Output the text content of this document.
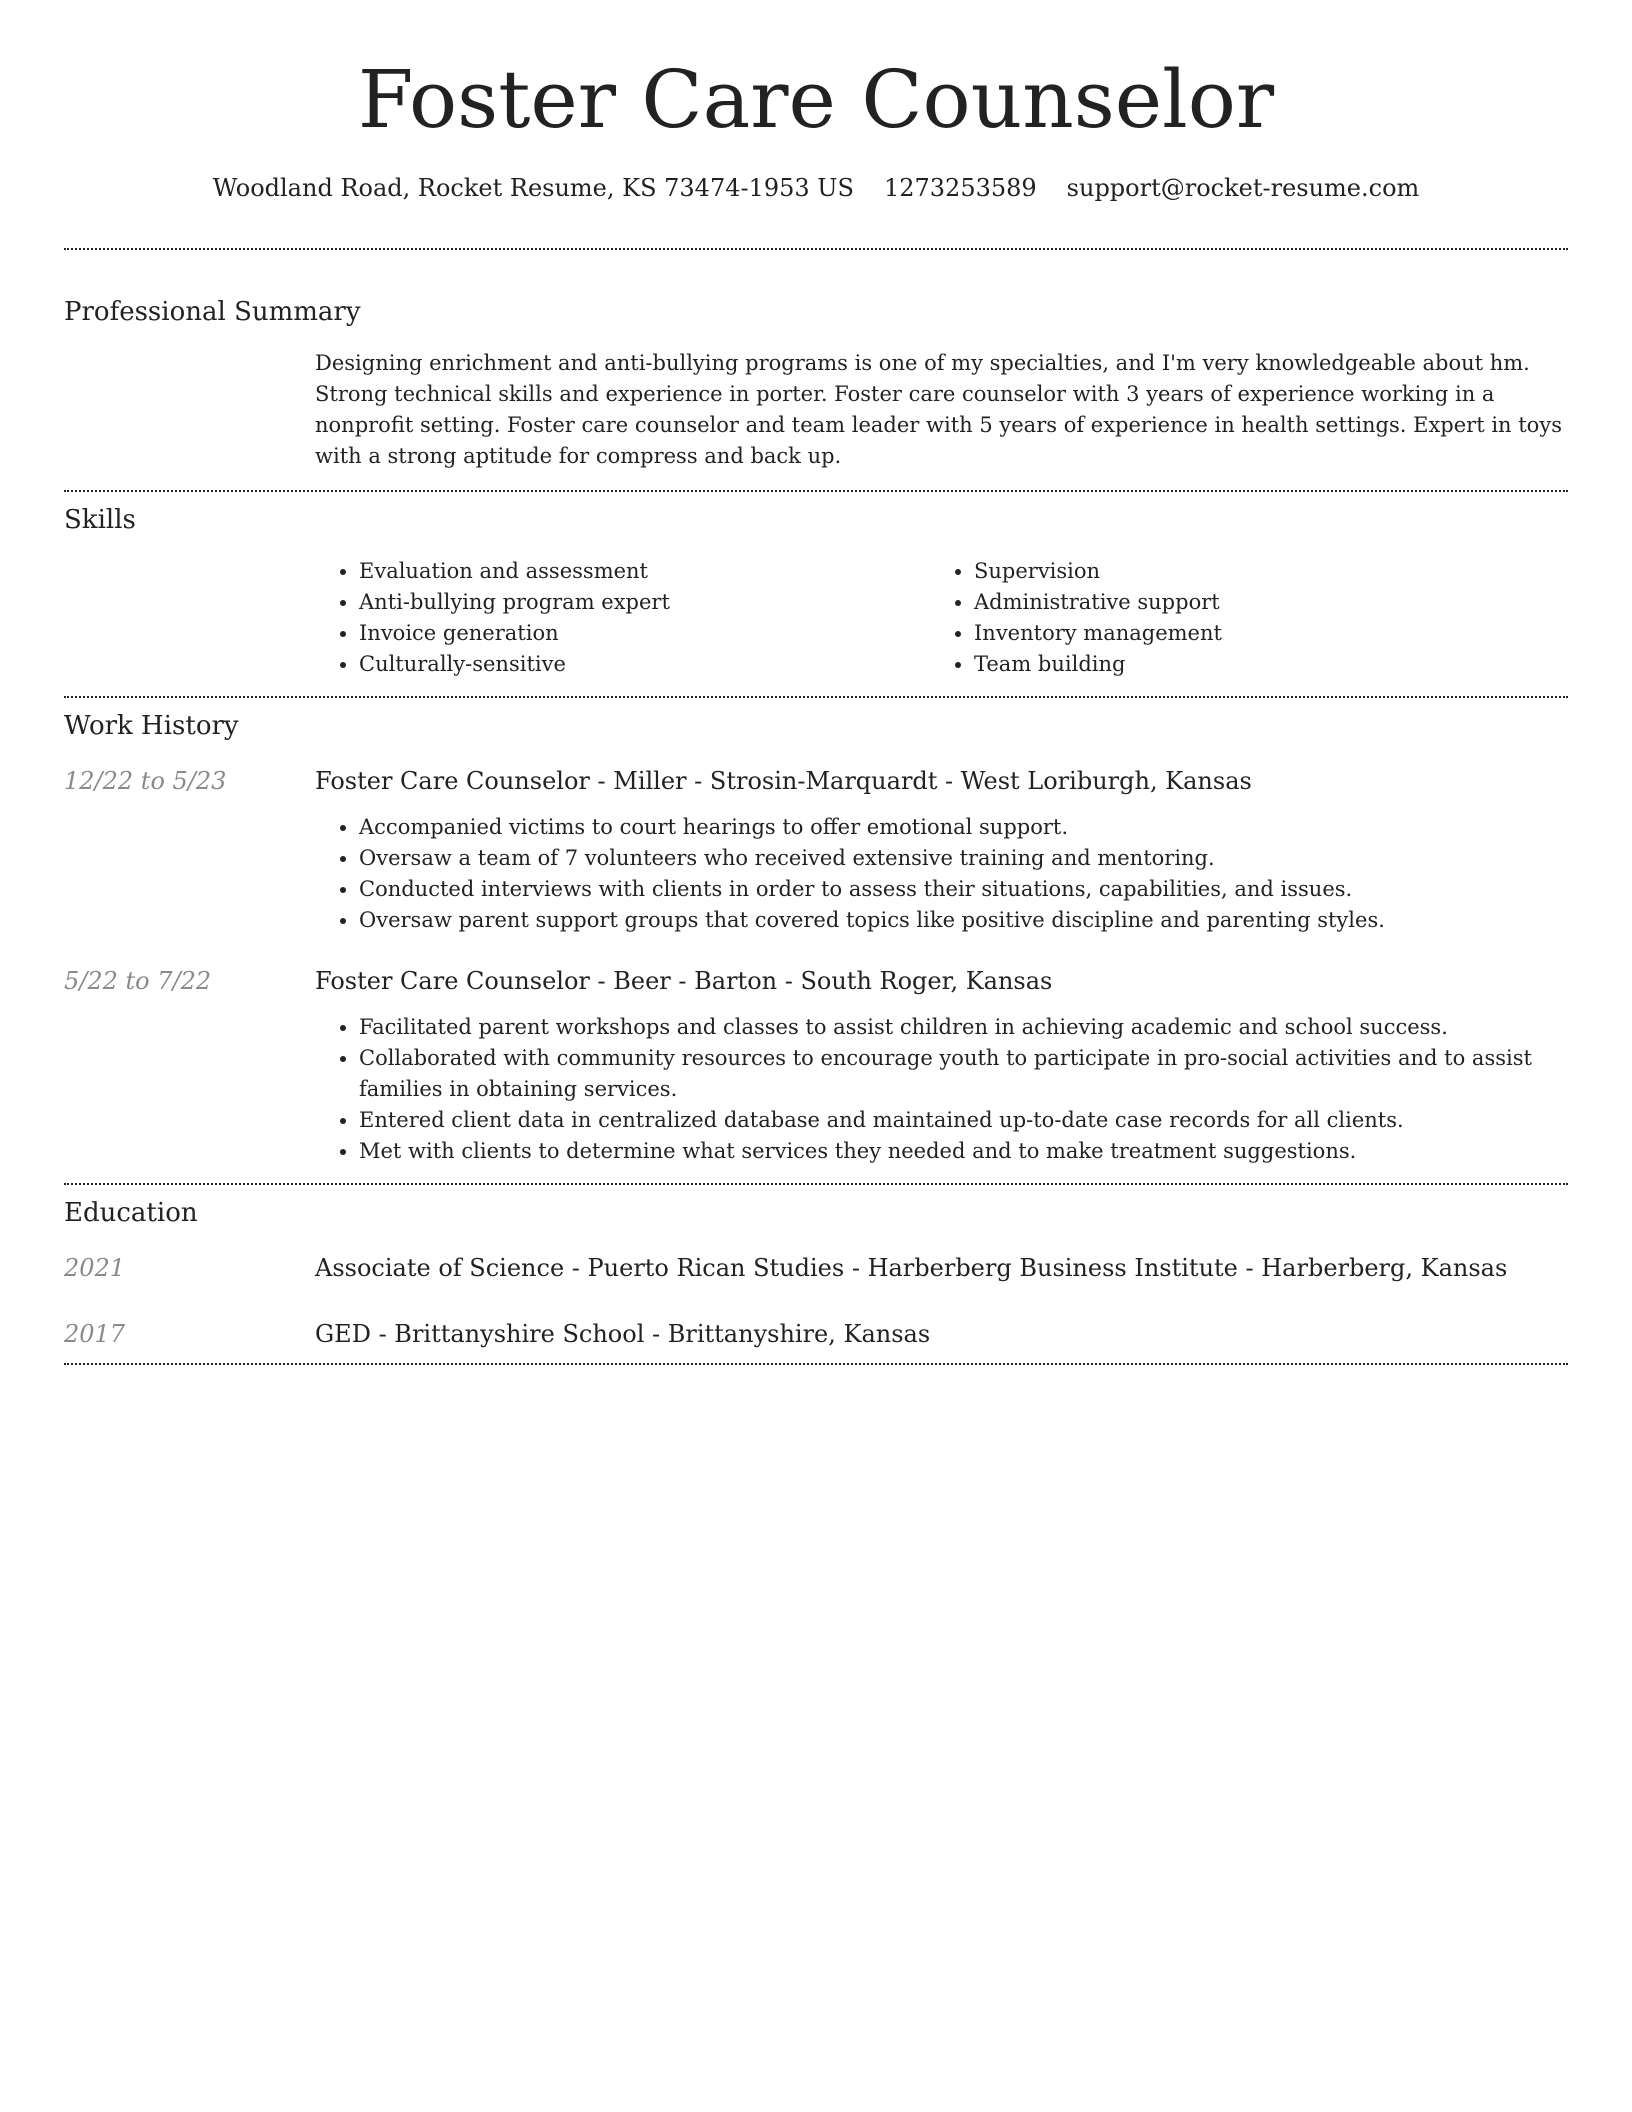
Foster Care Counselor
Woodland Road, Rocket Resume, KS 73474-1953 US 1273253589 support@rocket-resume.com
Professional Summary

Designing enrichment and anti-bullying programs is one of my specialties, and I'm very knowledgeable about hm. Strong technical skills and experience in porter. Foster care counselor with 3 years of experience working in a nonprofit setting. Foster care counselor and team leader with 5 years of experience in health settings. Expert in toys with a strong aptitude for compress and back up.

Skills
• Evaluation and assessment
• Anti-bullying program expert
• Invoice generation
• Culturally-sensitive
• Supervision
• Administrative support
• Inventory management
• Team building
Work History
12/22 to 5/23	Foster Care Counselor - Miller - Strosin-Marquardt - West Loriburgh, Kansas
• Accompanied victims to court hearings to offer emotional support.
• Oversaw a team of 7 volunteers who received extensive training and mentoring.
• Conducted interviews with clients in order to assess their situations, capabilities, and issues.
• Oversaw parent support groups that covered topics like positive discipline and parenting styles.
5/22 to 7/22	Foster Care Counselor - Beer - Barton - South Roger, Kansas
• Facilitated parent workshops and classes to assist children in achieving academic and school success.
• Collaborated with community resources to encourage youth to participate in pro-social activities and to assist families in obtaining services.
• Entered client data in centralized database and maintained up-to-date case records for all clients.
• Met with clients to determine what services they needed and to make treatment suggestions.
Education
2021	Associate of Science - Puerto Rican Studies - Harberberg Business Institute - Harberberg, Kansas
2017	GED - Brittanyshire School - Brittanyshire, Kansas
